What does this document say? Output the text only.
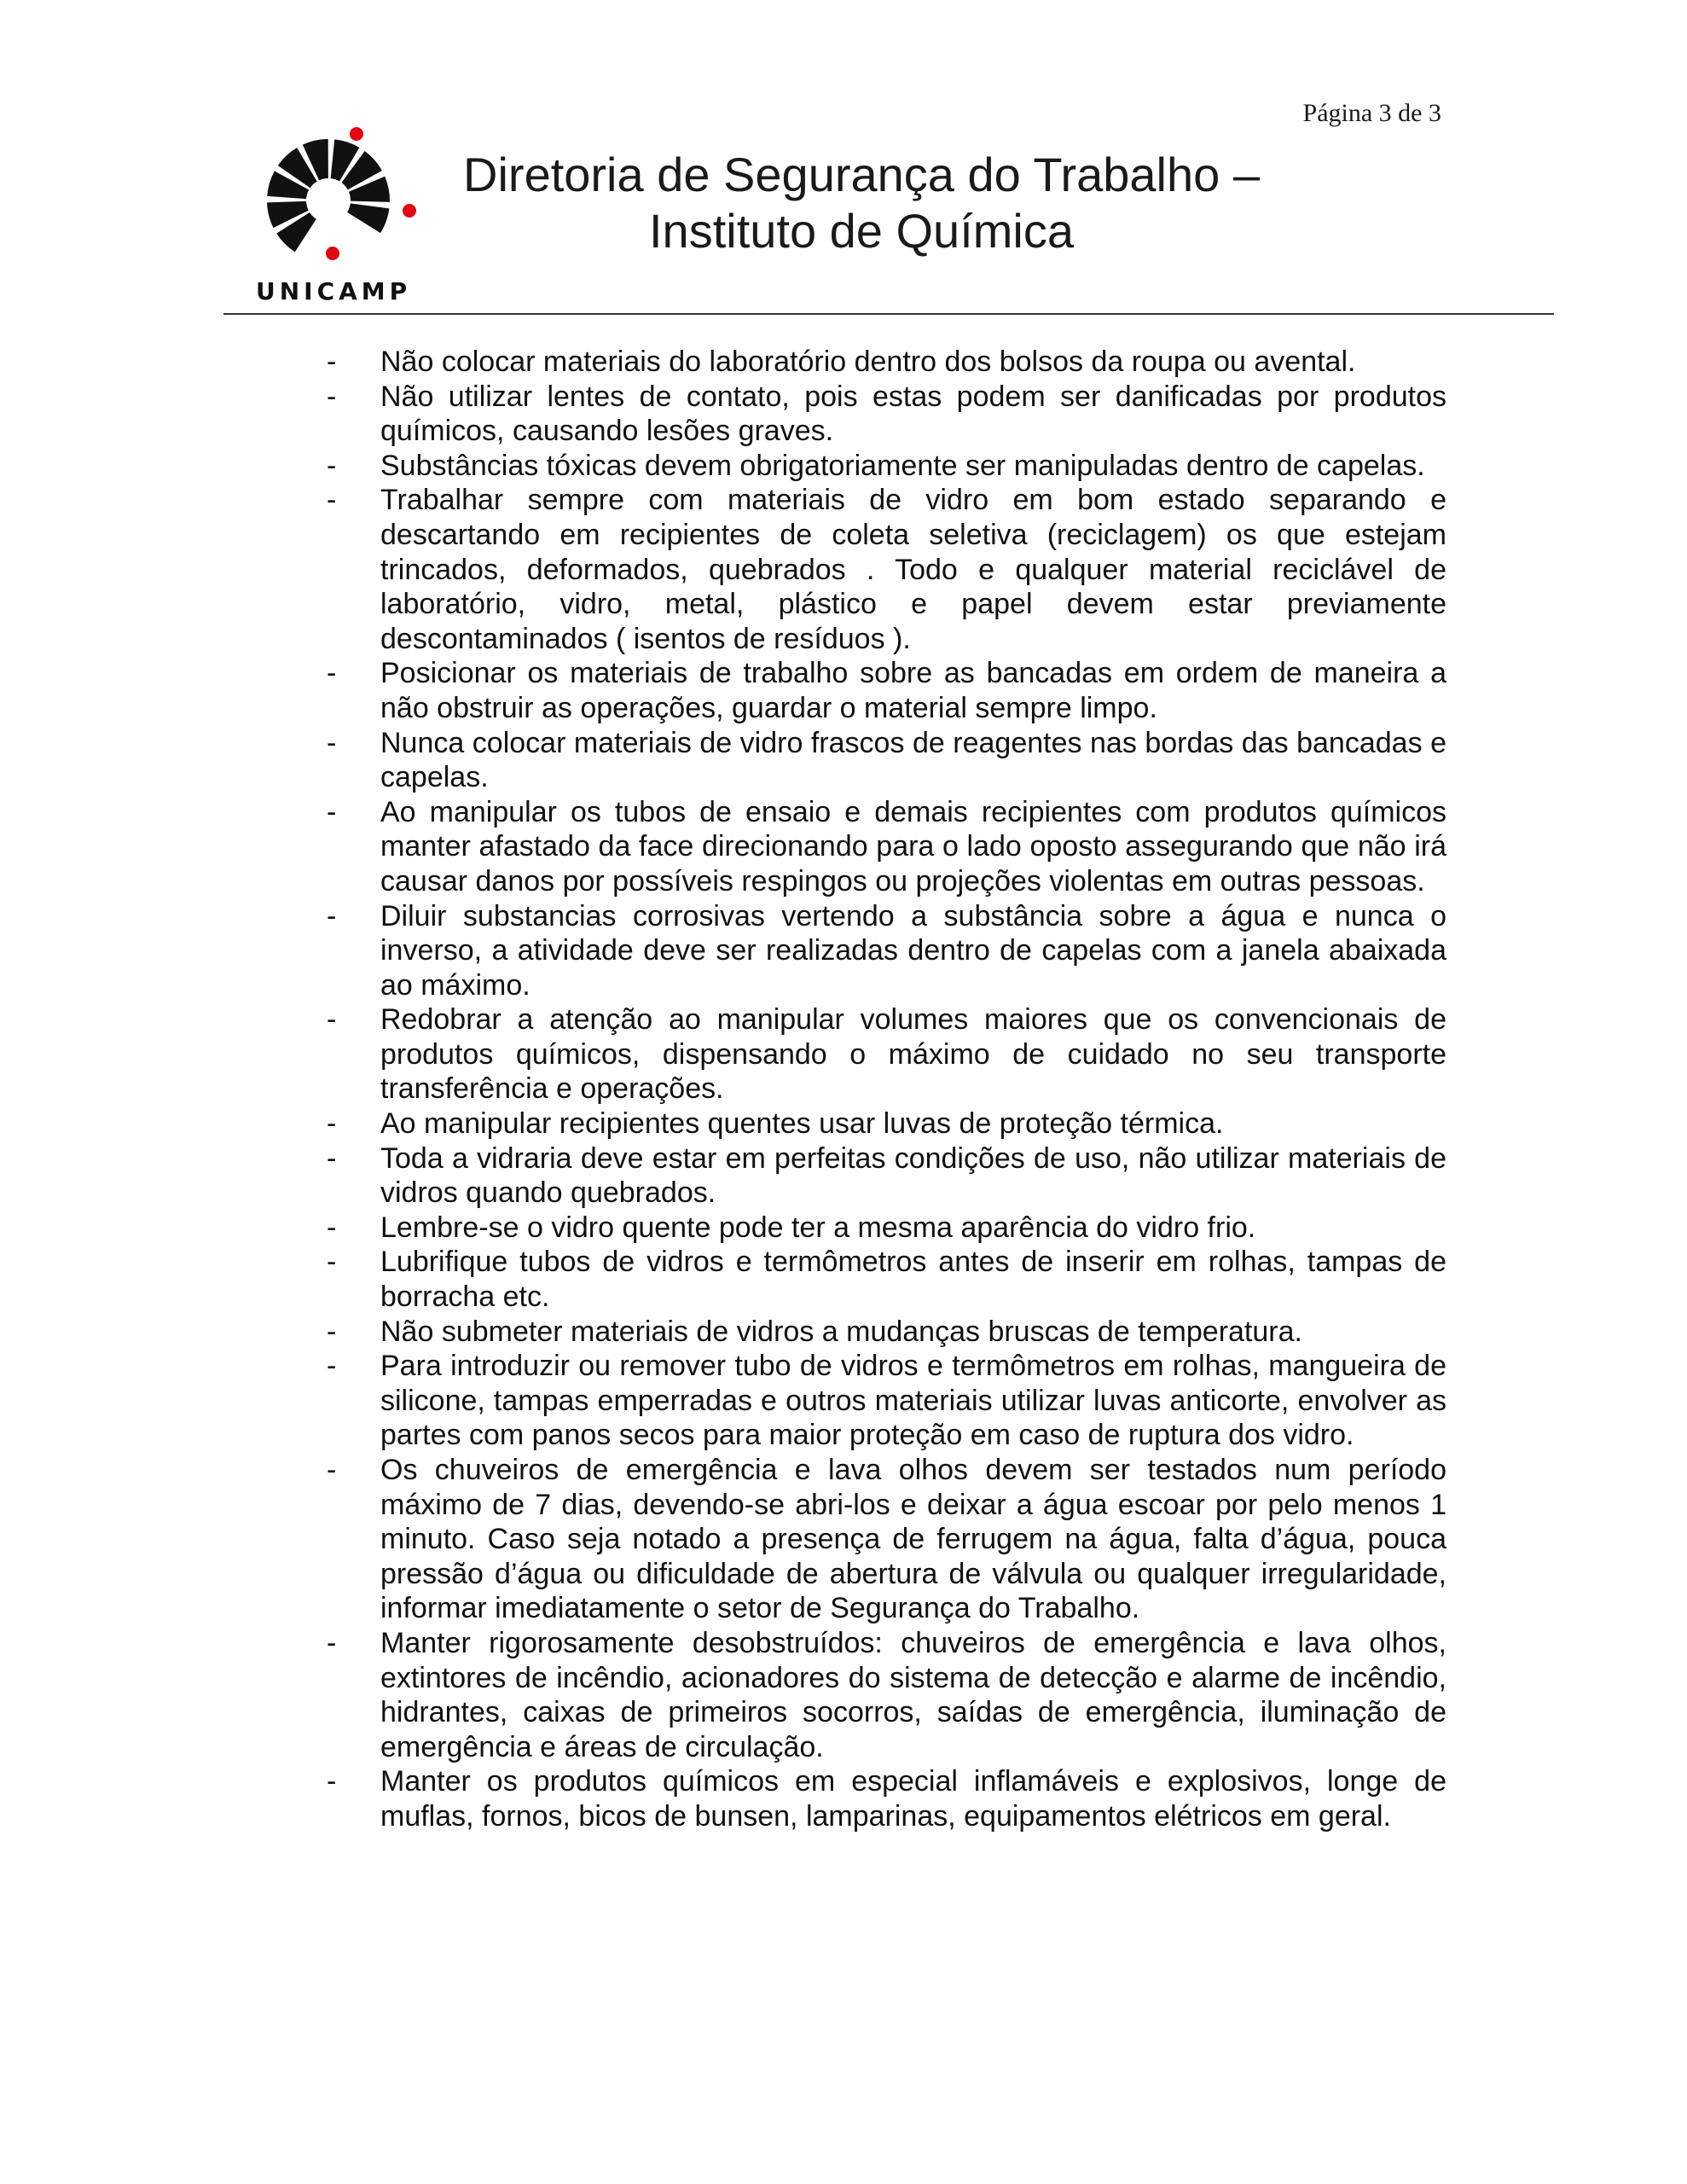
Página 3 de 3
UNICAMP
Diretoria de Segurança do Trabalho –
Instituto de Química
- Não colocar materiais do laboratório dentro dos bolsos da roupa ou avental.
- Não utilizar lentes de contato, pois estas podem ser danificadas por produtos químicos, causando lesões graves.
- Substâncias tóxicas devem obrigatoriamente ser manipuladas dentro de capelas.
- Trabalhar sempre com materiais de vidro em bom estado separando e descartando em recipientes de coleta seletiva (reciclagem) os que estejam trincados, deformados, quebrados . Todo e qualquer material reciclável de laboratório, vidro, metal, plástico e papel devem estar previamente descontaminados ( isentos de resíduos ).
- Posicionar os materiais de trabalho sobre as bancadas em ordem de maneira a não obstruir as operações, guardar o material sempre limpo.
- Nunca colocar materiais de vidro frascos de reagentes nas bordas das bancadas e capelas.
- Ao manipular os tubos de ensaio e demais recipientes com produtos químicos manter afastado da face direcionando para o lado oposto assegurando que não irá causar danos por possíveis respingos ou projeções violentas em outras pessoas.
- Diluir substancias corrosivas vertendo a substância sobre a água e nunca o inverso, a atividade deve ser realizadas dentro de capelas com a janela abaixada ao máximo.
- Redobrar a atenção ao manipular volumes maiores que os convencionais de produtos químicos, dispensando o máximo de cuidado no seu transporte transferência e operações.
- Ao manipular recipientes quentes usar luvas de proteção térmica.
- Toda a vidraria deve estar em perfeitas condições de uso, não utilizar materiais de vidros quando quebrados.
- Lembre-se o vidro quente pode ter a mesma aparência do vidro frio.
- Lubrifique tubos de vidros e termômetros antes de inserir em rolhas, tampas de borracha etc.
- Não submeter materiais de vidros a mudanças bruscas de temperatura.
- Para introduzir ou remover tubo de vidros e termômetros em rolhas, mangueira de silicone, tampas emperradas e outros materiais utilizar luvas anticorte, envolver as partes com panos secos para maior proteção em caso de ruptura dos vidro.
- Os chuveiros de emergência e lava olhos devem ser testados num período máximo de 7 dias, devendo-se abri-los e deixar a água escoar por pelo menos 1 minuto. Caso seja notado a presença de ferrugem na água, falta d’água, pouca pressão d’água ou dificuldade de abertura de válvula ou qualquer irregularidade, informar imediatamente o setor de Segurança do Trabalho.
- Manter rigorosamente desobstruídos: chuveiros de emergência e lava olhos, extintores de incêndio, acionadores do sistema de detecção e alarme de incêndio, hidrantes, caixas de primeiros socorros, saídas de emergência, iluminação de emergência e áreas de circulação.
- Manter os produtos químicos em especial inflamáveis e explosivos, longe de muflas, fornos, bicos de bunsen, lamparinas, equipamentos elétricos em geral.
